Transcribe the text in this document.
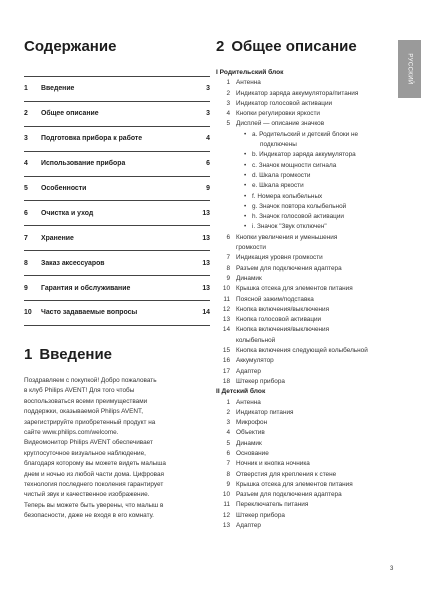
Содержание
1	Введение	3
2	Общее описание	3
3	Подготовка прибора к работе	4
4	Использование прибора	6
5	Особенности	9
6	Очистка и уход	13
7	Хранение	13
8	Заказ аксессуаров	13
9	Гарантия и обслуживание	13
10	Часто задаваемые вопросы	14
1 Введение

Поздравляем с покупкой! Добро пожаловать
в клуб Philips AVENT! Для того чтобы
воспользоваться всеми преимуществами
поддержки, оказываемой Philips AVENT,
зарегистрируйте приобретенный продукт на
сайте www.philips.com/welcome.
Видеомонитор Philips AVENT обеспечивает
круглосуточное визуальное наблюдение,
благодаря которому вы можете видеть малыша
днем и ночью из любой части дома. Цифровая
технология последнего поколения гарантирует
чистый звук и качественное изображение.
Теперь вы можете быть уверены, что малыш в
безопасности, даже не входя в его комнату.

2 Общее описание

I Родительский блок

1 Антенна
2 Индикатор заряда аккумулятора/питания
3 Индикатор голосовой активации
4 Кнопки регулировки яркости
5 Дисплей — описание значков
• a. Родительский и детский блоки не
подключены
• b. Индикатор заряда аккумулятора
• c. Значок мощности сигнала
• d. Шкала громкости
• e. Шкала яркости
• f. Номера колыбельных
• g. Значок повтора колыбельной
• h. Значок голосовой активации
• i. Значок "Звук отключен"
6 Кнопки увеличения и уменьшения
громкости
7 Индикация уровня громкости
8 Разъем для подключения адаптера
9 Динамик
10 Крышка отсека для элементов питания
11 Поясной зажим/подставка
12 Кнопка включения/выключения
13 Кнопка голосовой активации
14 Кнопка включения/выключения
колыбельной
15 Кнопка включения следующей колыбельной
16 Аккумулятор
17 Адаптер
18 Штекер прибора

II Детский блок

1 Антенна
2 Индикатор питания
3 Микрофон
4 Объектив
5 Динамик
6 Основание
7 Ночник и кнопка ночника
8 Отверстия для крепления к стене
9 Крышка отсека для элементов питания
10 Разъем для подключения адаптера
11 Переключатель питания
12 Штекер прибора
13 Адаптер
РУССКИЙ
3
